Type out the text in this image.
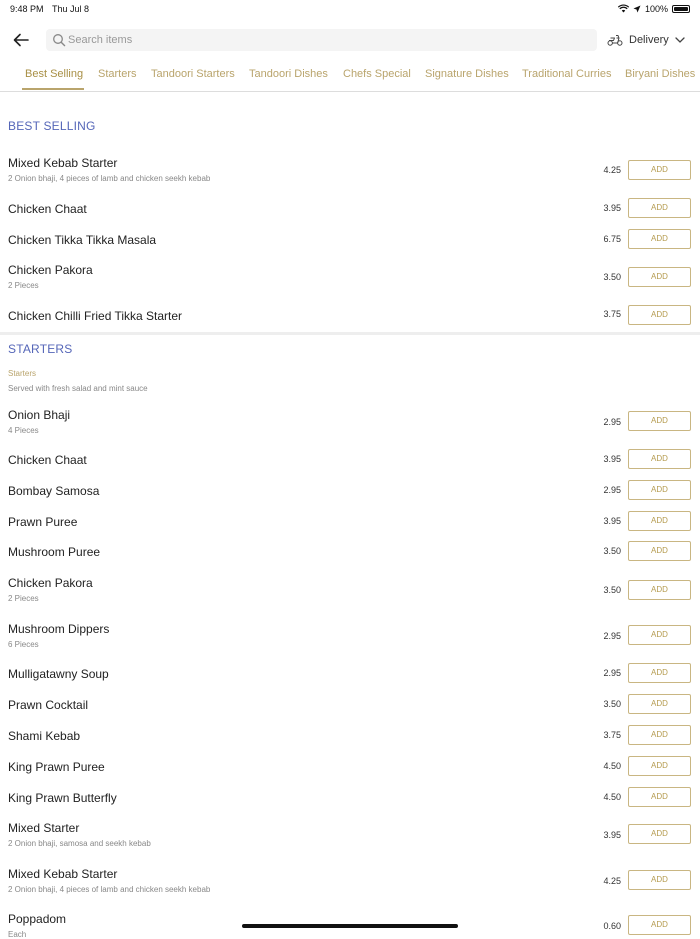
9:48 PM Thu Jul 8	100%
Search items
Delivery
Best Selling Starters Tandoori Starters Tandoori Dishes Chefs Special Signature Dishes Traditional Curries Biryani Dishes
BEST SELLING
Mixed Kebab Starter
2 Onion bhaji, 4 pieces of lamb and chicken seekh kebab
4.25	ADD
Chicken Chaat	3.95	ADD
Chicken Tikka Tikka Masala	6.75	ADD
Chicken Pakora
2 Pieces
3.50	ADD
Chicken Chilli Fried Tikka Starter	3.75	ADD
STARTERS
Starters
Served with fresh salad and mint sauce
Onion Bhaji
4 Pieces
2.95	ADD
Chicken Chaat	3.95	ADD
Bombay Samosa	2.95	ADD
Prawn Puree	3.95	ADD
Mushroom Puree	3.50	ADD
Chicken Pakora
2 Pieces
3.50	ADD
Mushroom Dippers
6 Pieces
2.95	ADD
Mulligatawny Soup	2.95	ADD
Prawn Cocktail	3.50	ADD
Shami Kebab	3.75	ADD
King Prawn Puree	4.50	ADD
King Prawn Butterfly	4.50	ADD
Mixed Starter
2 Onion bhaji, samosa and seekh kebab
3.95	ADD
Mixed Kebab Starter
2 Onion bhaji, 4 pieces of lamb and chicken seekh kebab
4.25	ADD
Poppadom
Each
0.60	ADD
